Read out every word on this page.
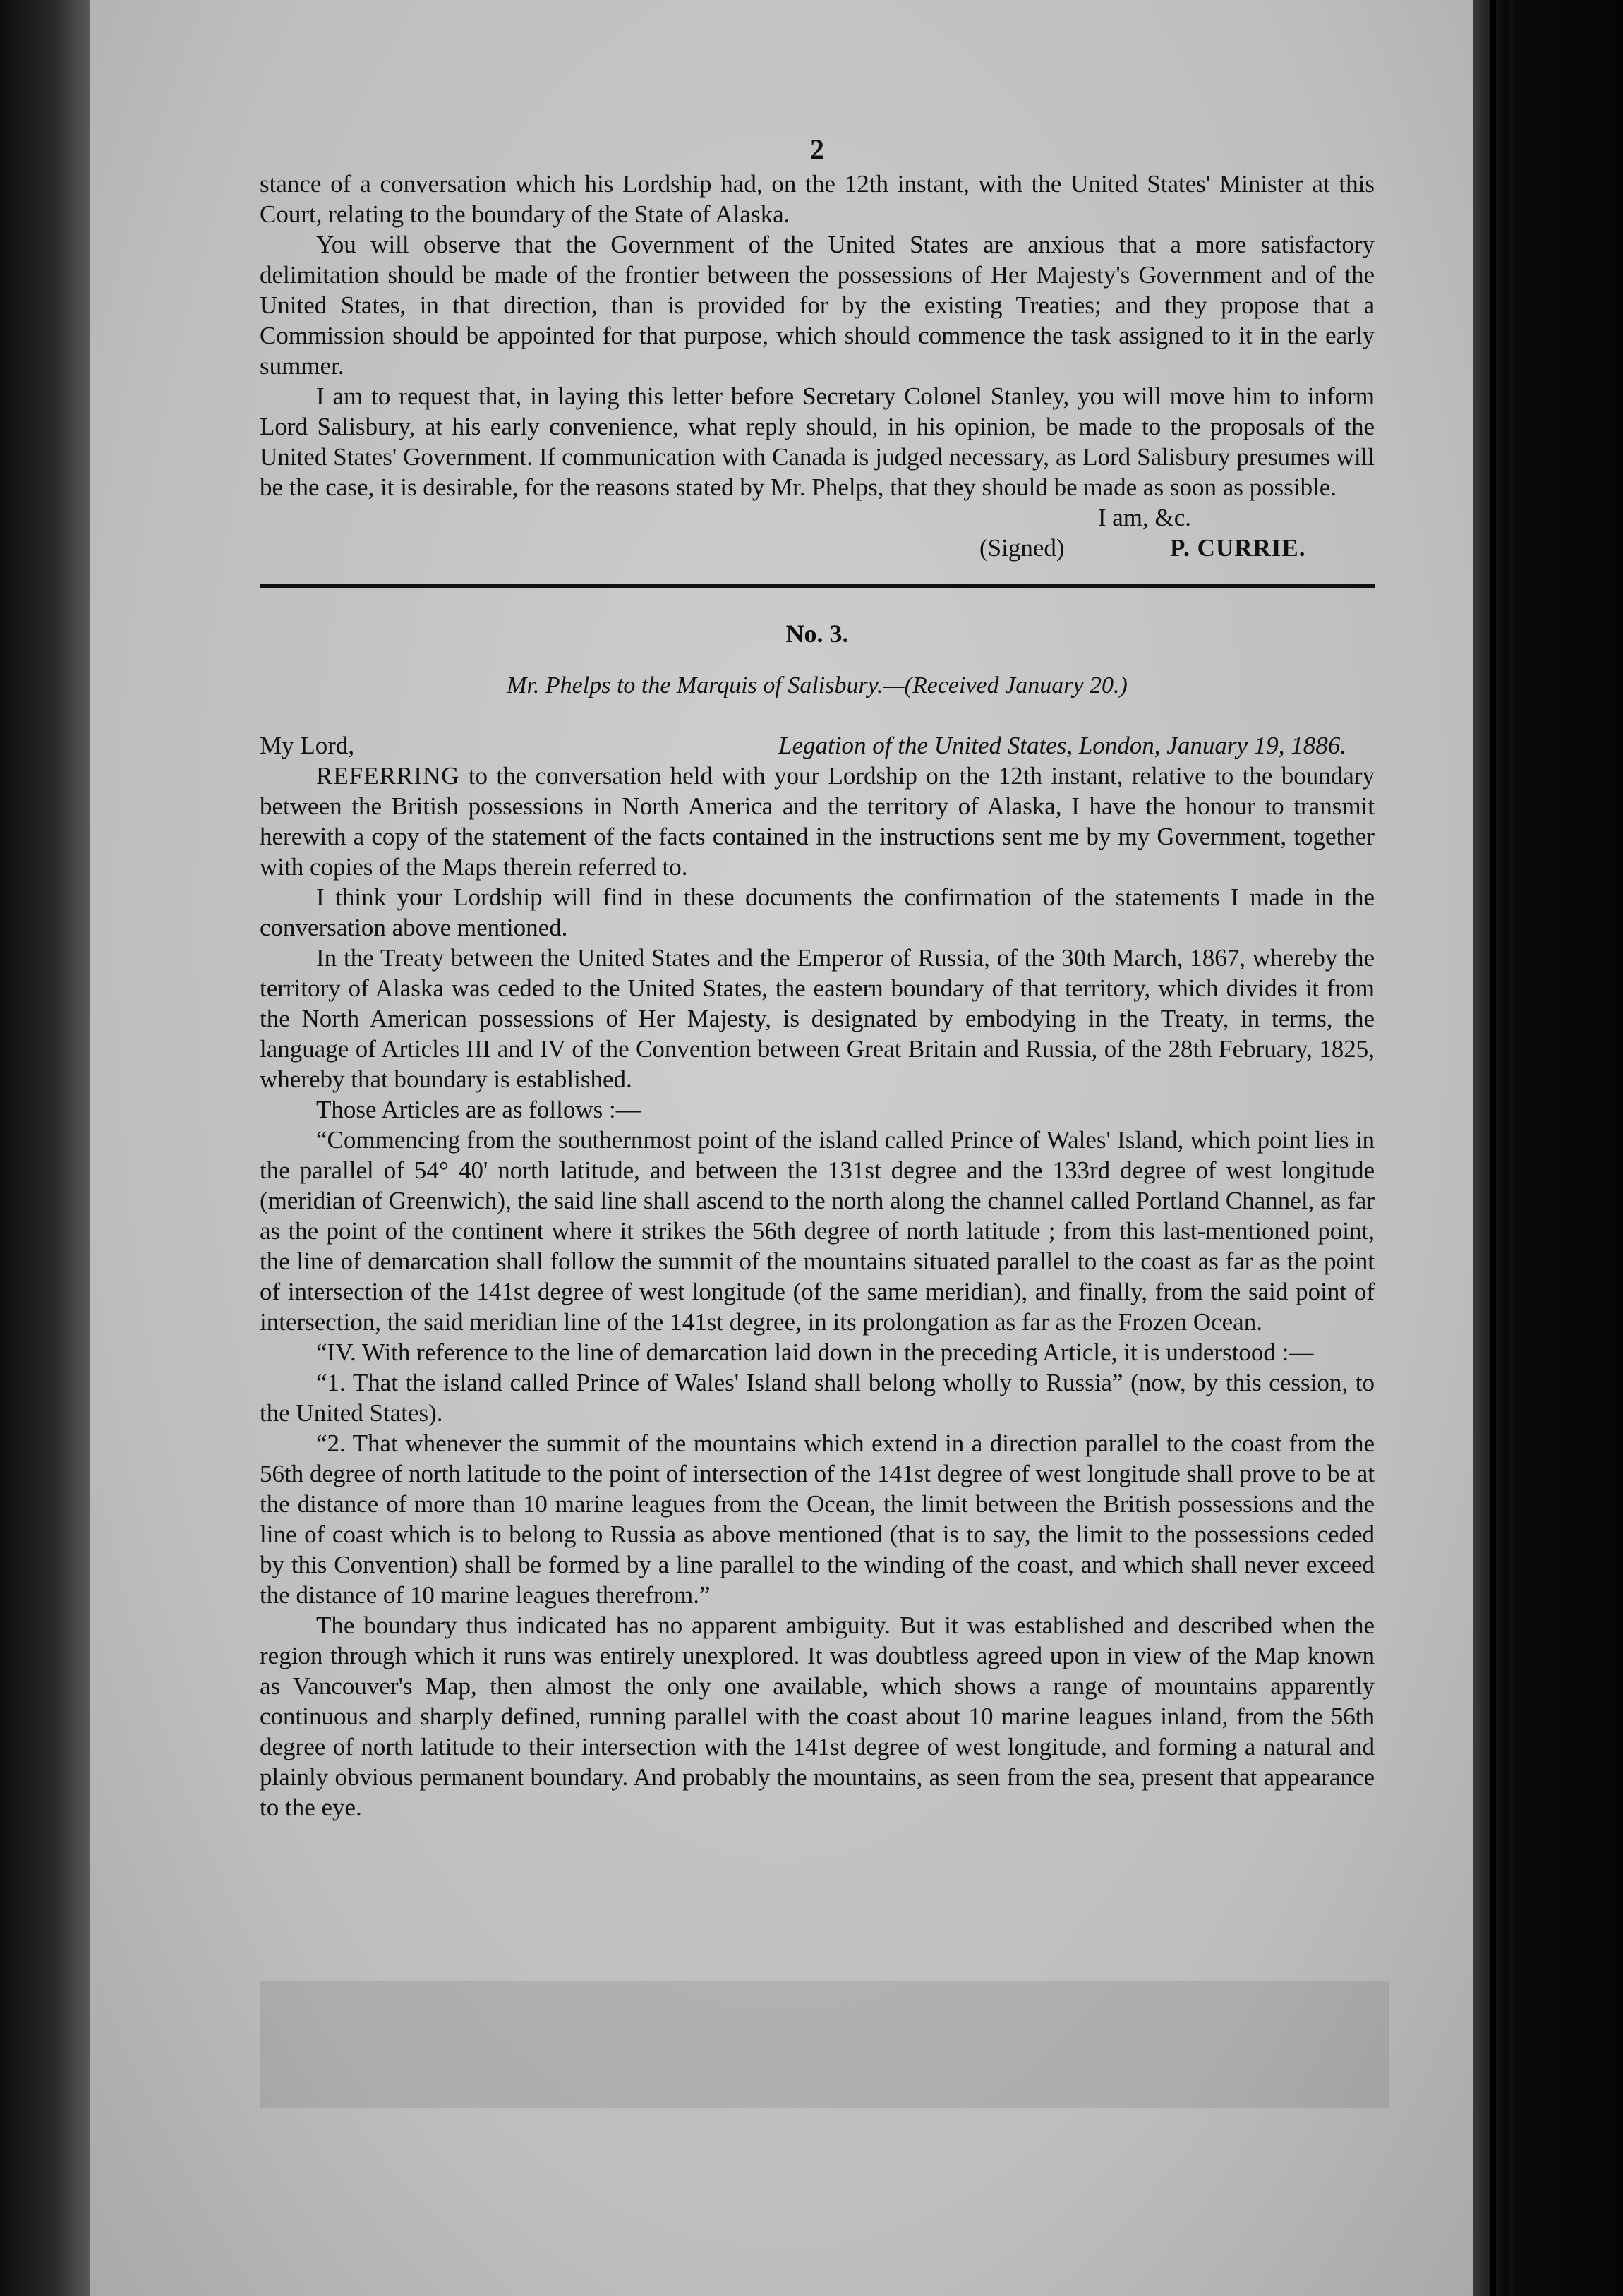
2

stance of a conversation which his Lordship had, on the 12th instant, with the United States' Minister at this Court, relating to the boundary of the State of Alaska.

You will observe that the Government of the United States are anxious that a more satisfactory delimitation should be made of the frontier between the possessions of Her Majesty's Government and of the United States, in that direction, than is provided for by the existing Treaties; and they propose that a Commission should be appointed for that purpose, which should commence the task assigned to it in the early summer.

I am to request that, in laying this letter before Secretary Colonel Stanley, you will move him to inform Lord Salisbury, at his early convenience, what reply should, in his opinion, be made to the proposals of the United States' Government. If communication with Canada is judged necessary, as Lord Salisbury presumes will be the case, it is desirable, for the reasons stated by Mr. Phelps, that they should be made as soon as possible.

I am, &c.
(Signed)	P. CURRIE.
No. 3.
Mr. Phelps to the Marquis of Salisbury.—(Received January 20.)
My Lord,	Legation of the United States, London, January 19, 1886.

REFERRING to the conversation held with your Lordship on the 12th instant, relative to the boundary between the British possessions in North America and the territory of Alaska, I have the honour to transmit herewith a copy of the statement of the facts contained in the instructions sent me by my Government, together with copies of the Maps therein referred to.

I think your Lordship will find in these documents the confirmation of the statements I made in the conversation above mentioned.

In the Treaty between the United States and the Emperor of Russia, of the 30th March, 1867, whereby the territory of Alaska was ceded to the United States, the eastern boundary of that territory, which divides it from the North American possessions of Her Majesty, is designated by embodying in the Treaty, in terms, the language of Articles III and IV of the Convention between Great Britain and Russia, of the 28th February, 1825, whereby that boundary is established.

Those Articles are as follows :—

“Commencing from the southernmost point of the island called Prince of Wales' Island, which point lies in the parallel of 54° 40' north latitude, and between the 131st degree and the 133rd degree of west longitude (meridian of Greenwich), the said line shall ascend to the north along the channel called Portland Channel, as far as the point of the continent where it strikes the 56th degree of north latitude ; from this last-mentioned point, the line of demarcation shall follow the summit of the mountains situated parallel to the coast as far as the point of intersection of the 141st degree of west longitude (of the same meridian), and finally, from the said point of intersection, the said meridian line of the 141st degree, in its prolongation as far as the Frozen Ocean.

“IV. With reference to the line of demarcation laid down in the preceding Article, it is understood :—

“1. That the island called Prince of Wales' Island shall belong wholly to Russia” (now, by this cession, to the United States).

“2. That whenever the summit of the mountains which extend in a direction parallel to the coast from the 56th degree of north latitude to the point of intersection of the 141st degree of west longitude shall prove to be at the distance of more than 10 marine leagues from the Ocean, the limit between the British possessions and the line of coast which is to belong to Russia as above mentioned (that is to say, the limit to the possessions ceded by this Convention) shall be formed by a line parallel to the winding of the coast, and which shall never exceed the distance of 10 marine leagues therefrom.”

The boundary thus indicated has no apparent ambiguity. But it was established and described when the region through which it runs was entirely unexplored. It was doubtless agreed upon in view of the Map known as Vancouver's Map, then almost the only one available, which shows a range of mountains apparently continuous and sharply defined, running parallel with the coast about 10 marine leagues inland, from the 56th degree of north latitude to their intersection with the 141st degree of west longitude, and forming a natural and plainly obvious permanent boundary. And probably the mountains, as seen from the sea, present that appearance to the eye.
